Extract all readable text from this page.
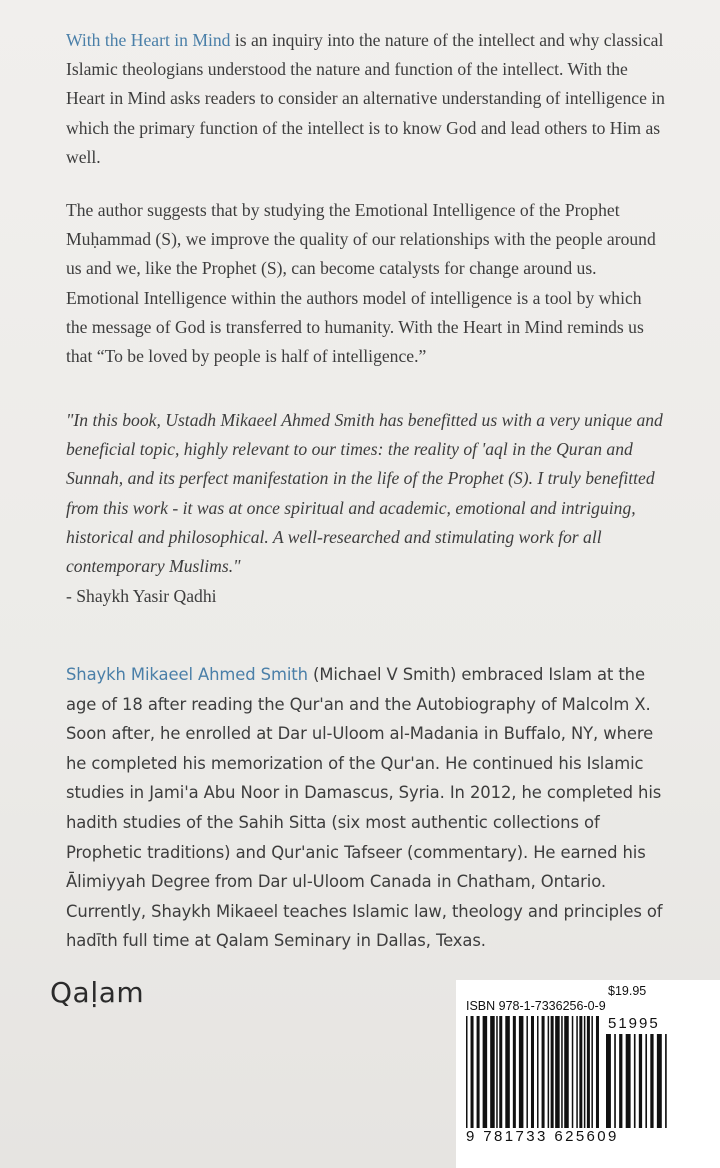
With the Heart in Mind is an inquiry into the nature of the intellect and why classical Islamic theologians understood the nature and function of the intellect. With the Heart in Mind asks readers to consider an alternative understanding of intelligence in which the primary function of the intellect is to know God and lead others to Him as well.

The author suggests that by studying the Emotional Intelligence of the Prophet Muḥammad (S), we improve the quality of our relationships with the people around us and we, like the Prophet (S), can become catalysts for change around us. Emotional Intelligence within the authors model of intelligence is a tool by which the message of God is transferred to humanity. With the Heart in Mind reminds us that “To be loved by people is half of intelligence.”

"In this book, Ustadh Mikaeel Ahmed Smith has benefitted us with a very unique and beneficial topic, highly relevant to our times: the reality of 'aql in the Quran and Sunnah, and its perfect manifestation in the life of the Prophet (S). I truly benefitted from this work - it was at once spiritual and academic, emotional and intriguing, historical and philosophical. A well-researched and stimulating work for all contemporary Muslims."

- Shaykh Yasir Qadhi

Shaykh Mikaeel Ahmed Smith (Michael V Smith) embraced Islam at the age of 18 after reading the Qur'an and the Autobiography of Malcolm X. Soon after, he enrolled at Dar ul-Uloom al-Madania in Buffalo, NY, where he completed his memorization of the Qur'an. He continued his Islamic studies in Jami'a Abu Noor in Damascus, Syria. In 2012, he completed his hadith studies of the Sahih Sitta (six most authentic collections of Prophetic traditions) and Qur'anic Tafseer (commentary). He earned his Ālimiyyah Degree from Dar ul-Uloom Canada in Chatham, Ontario. Currently, Shaykh Mikaeel teaches Islamic law, theology and principles of hadīth full time at Qalam Seminary in Dallas, Texas.

Qaḷam	ISBN 978-1-7336256-0-9
$19.95
51995
9 781733 625609
